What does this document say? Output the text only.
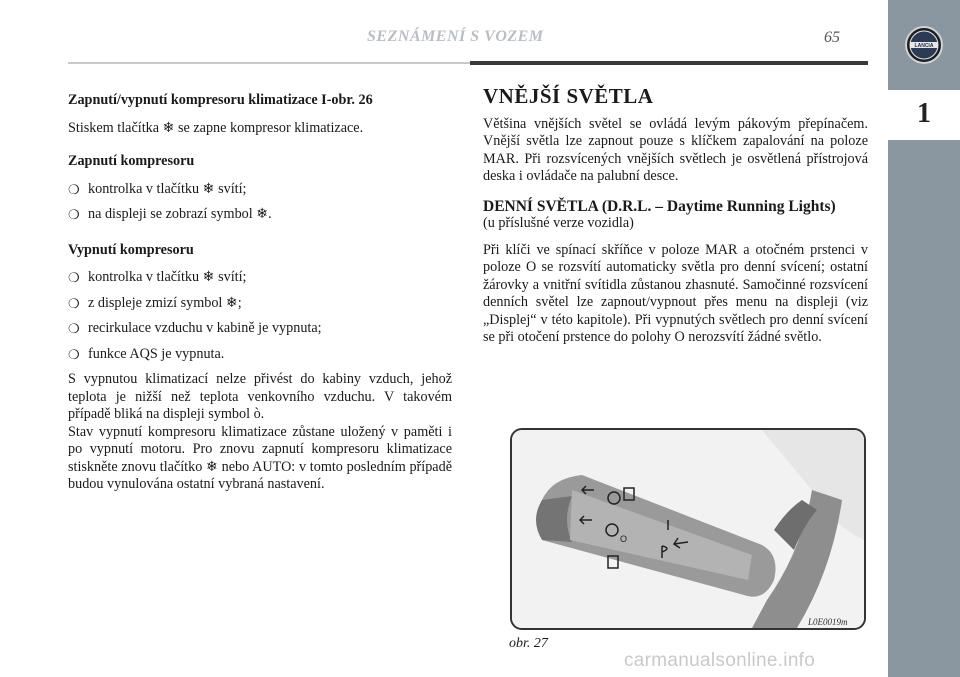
1
LANCIA
SEZNÁMENÍ S VOZEM	65
Zapnutí/vypnutí kompresoru klimatizace I-obr. 26
Stiskem tlačítka ❄ se zapne kompresor klimatizace.
Zapnutí kompresoru
❍ kontrolka v tlačítku ❄ svítí;
❍ na displeji se zobrazí symbol ❄.
Vypnutí kompresoru
❍ kontrolka v tlačítku ❄ svítí;
❍ z displeje zmizí symbol ❄;
❍ recirkulace vzduchu v kabině je vypnuta;
❍ funkce AQS je vypnuta.
S vypnutou klimatizací nelze přivést do kabiny vzduch, jehož teplota je nižší než teplota venkovního vzduchu. V takovém případě bliká na displeji symbol ò.
Stav vypnutí kompresoru klimatizace zůstane uložený v paměti i po vypnutí motoru. Pro znovu zapnutí kompresoru klimatizace stiskněte znovu tlačítko ❄ nebo AUTO: v tomto posledním případě budou vynulována ostatní vybraná nastavení.
VNĚJŠÍ SVĚTLA
Většina vnějších světel se ovládá levým pákovým přepínačem. Vnější světla lze zapnout pouze s klíčkem zapalování na poloze MAR. Při rozsvícených vnějších světlech je osvětlená přístrojová deska i ovládače na palubní desce.
DENNÍ SVĚTLA (D.R.L. – Daytime Running Lights)
(u příslušné verze vozidla)
Při klíči ve spínací skříňce v poloze MAR a otočném prstenci v poloze O se rozsvítí automaticky světla pro denní svícení; ostatní žárovky a vnitřní svítidla zůstanou zhasnuté. Samočinné rozsvícení denních světel lze zapnout/vypnout přes menu na displeji (viz „Displej“ v této kapitole). Při vypnutých světlech pro denní svícení se při otočení prstence do polohy O nerozsvítí žádné světlo.
O
L0E0019m
obr. 27
carmanualsonline.info
